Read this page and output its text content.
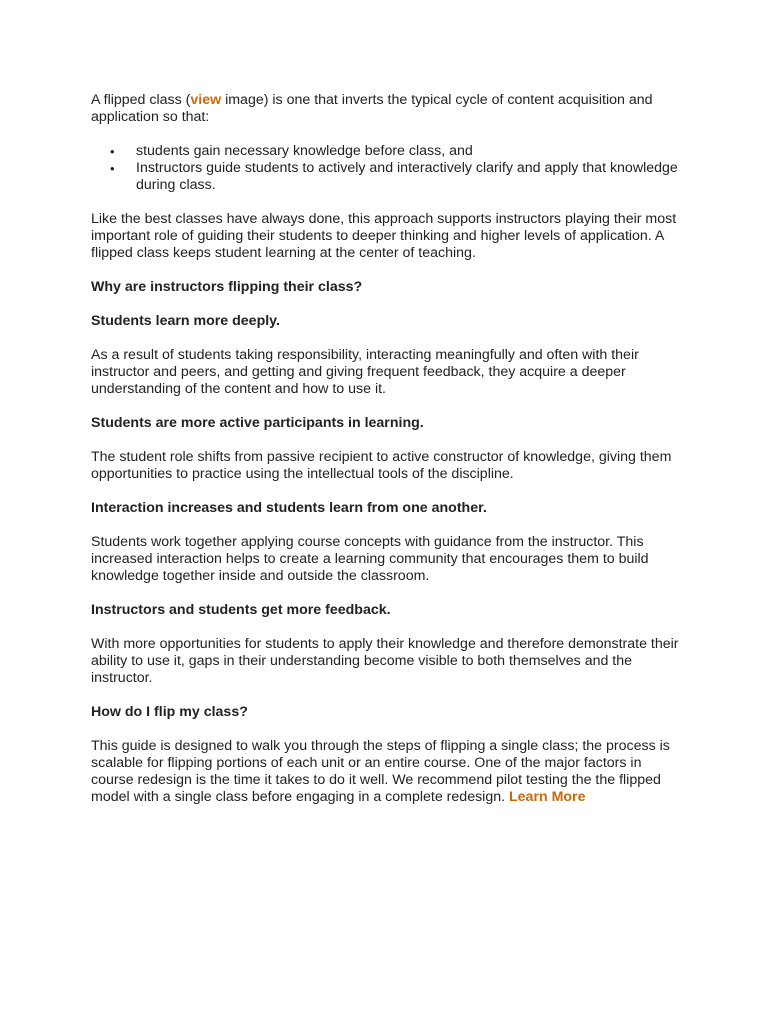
A flipped class (view image) is one that inverts the typical cycle of content acquisition and application so that:

• students gain necessary knowledge before class, and
• Instructors guide students to actively and interactively clarify and apply that knowledge during class.

Like the best classes have always done, this approach supports instructors playing their most important role of guiding their students to deeper thinking and higher levels of application. A flipped class keeps student learning at the center of teaching.

Why are instructors flipping their class?
Students learn more deeply.

As a result of students taking responsibility, interacting meaningfully and often with their instructor and peers, and getting and giving frequent feedback, they acquire a deeper understanding of the content and how to use it.

Students are more active participants in learning.

The student role shifts from passive recipient to active constructor of knowledge, giving them opportunities to practice using the intellectual tools of the discipline.

Interaction increases and students learn from one another.

Students work together applying course concepts with guidance from the instructor. This increased interaction helps to create a learning community that encourages them to build knowledge together inside and outside the classroom.

Instructors and students get more feedback.

With more opportunities for students to apply their knowledge and therefore demonstrate their ability to use it, gaps in their understanding become visible to both themselves and the instructor.

How do I flip my class?

This guide is designed to walk you through the steps of flipping a single class; the process is scalable for flipping portions of each unit or an entire course. One of the major factors in course redesign is the time it takes to do it well. We recommend pilot testing the the flipped model with a single class before engaging in a complete redesign. Learn More
